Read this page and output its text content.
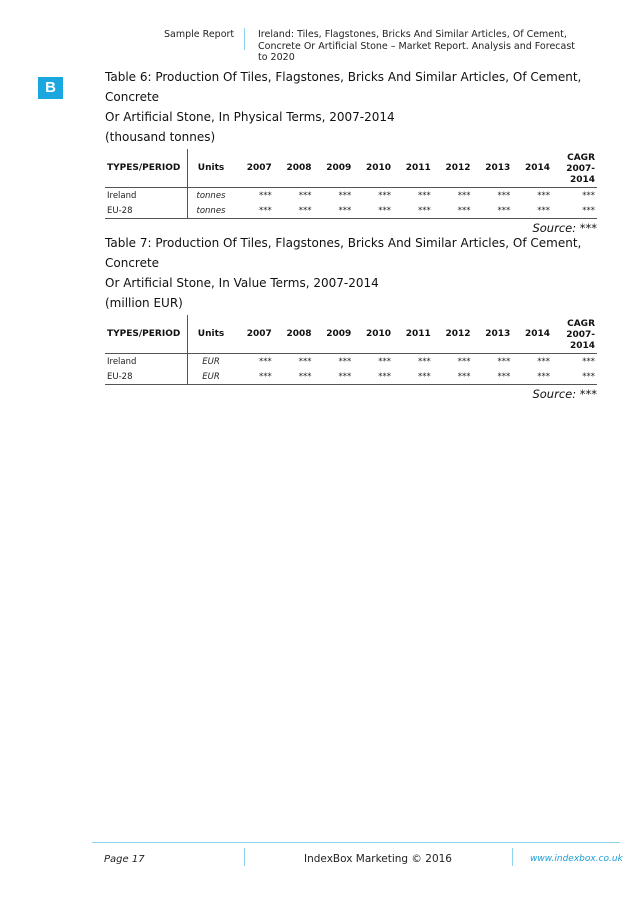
Sample Report	Ireland: Tiles, Flagstones, Bricks And Similar Articles, Of Cement, Concrete Or Artificial Stone – Market Report. Analysis and Forecast to 2020
B
Table 6: Production Of Tiles, Flagstones, Bricks And Similar Articles, Of Cement, Concrete
Or Artificial Stone, In Physical Terms, 2007-2014
(thousand tonnes)
TYPES/PERIOD	Units	2007	2008	2009	2010	2011	2012	2013	2014	CAGR
2007-
2014
Ireland	tonnes	***	***	***	***	***	***	***	***	***
EU-28	tonnes	***	***	***	***	***	***	***	***	***
Source: ***
Table 7: Production Of Tiles, Flagstones, Bricks And Similar Articles, Of Cement, Concrete
Or Artificial Stone, In Value Terms, 2007-2014
(million EUR)
TYPES/PERIOD	Units	2007	2008	2009	2010	2011	2012	2013	2014	CAGR
2007-
2014
Ireland	EUR	***	***	***	***	***	***	***	***	***
EU-28	EUR	***	***	***	***	***	***	***	***	***
Source: ***
Page 17	IndexBox Marketing © 2016	www.indexbox.co.uk
